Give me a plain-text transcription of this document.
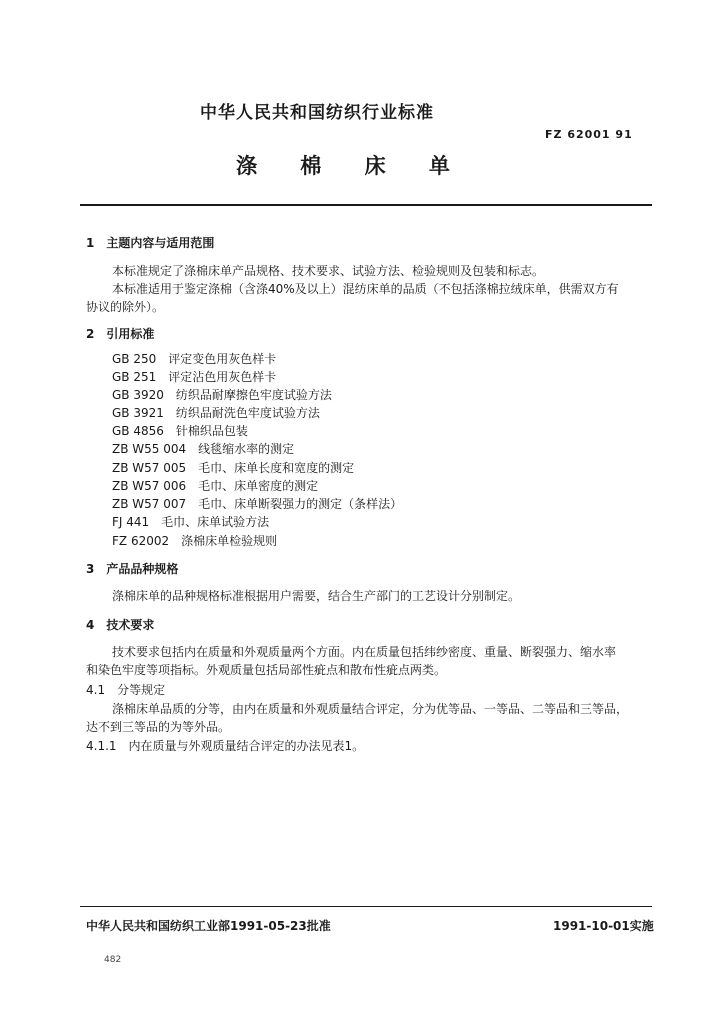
中华人民共和国纺织行业标准
FZ 62001 91
涤 棉 床 单
1　主题内容与适用范围
本标准规定了涤棉床单产品规格、技术要求、试验方法、检验规则及包装和标志。
本标准适用于鉴定涤棉（含涤40%及以上）混纺床单的品质（不包括涤棉拉绒床单，供需双方有
协议的除外）。
2　引用标准
GB 250　评定变色用灰色样卡
GB 251　评定沾色用灰色样卡
GB 3920　纺织品耐摩擦色牢度试验方法
GB 3921　纺织品耐洗色牢度试验方法
GB 4856　针棉织品包装
ZB W55 004　线毯缩水率的测定
ZB W57 005　毛巾、床单长度和宽度的测定
ZB W57 006　毛巾、床单密度的测定
ZB W57 007　毛巾、床单断裂强力的测定（条样法）
FJ 441　毛巾、床单试验方法
FZ 62002　涤棉床单检验规则
3　产品品种规格
涤棉床单的品种规格标准根据用户需要，结合生产部门的工艺设计分别制定。
4　技术要求
技术要求包括内在质量和外观质量两个方面。内在质量包括纬纱密度、重量、断裂强力、缩水率
和染色牢度等项指标。外观质量包括局部性疵点和散布性疵点两类。
4.1　分等规定
涤棉床单品质的分等，由内在质量和外观质量结合评定，分为优等品、一等品、二等品和三等品，
达不到三等品的为等外品。
4.1.1　内在质量与外观质量结合评定的办法见表1。
中华人民共和国纺织工业部1991-05-23批准	1991-10-01实施
482
